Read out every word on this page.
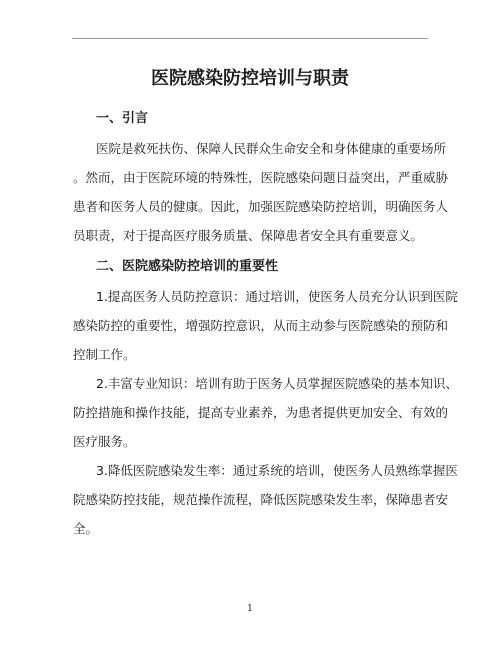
医院感染防控培训与职责
一、引言
医院是救死扶伤、保障人民群众生命安全和身体健康的重要场所
。然而，由于医院环境的特殊性，医院感染问题日益突出，严重威胁
患者和医务人员的健康。因此，加强医院感染防控培训，明确医务人
员职责，对于提高医疗服务质量、保障患者安全具有重要意义。
二、医院感染防控培训的重要性
1.提高医务人员防控意识：通过培训，使医务人员充分认识到医院
感染防控的重要性，增强防控意识，从而主动参与医院感染的预防和
控制工作。
2.丰富专业知识：培训有助于医务人员掌握医院感染的基本知识、
防控措施和操作技能，提高专业素养，为患者提供更加安全、有效的
医疗服务。
3.降低医院感染发生率：通过系统的培训，使医务人员熟练掌握医
院感染防控技能，规范操作流程，降低医院感染发生率，保障患者安
全。
1
